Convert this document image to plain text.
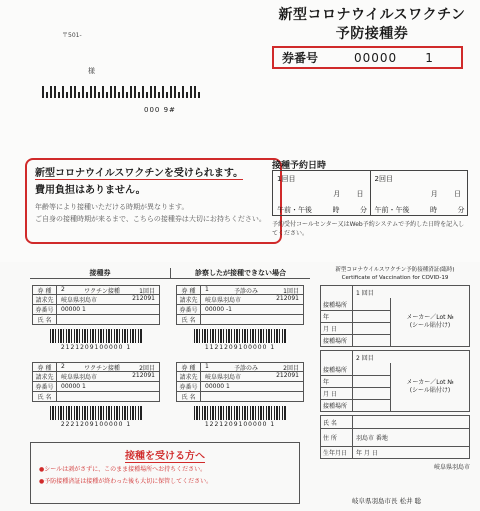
〒501-
様
000 9#
新型コロナウイルスワクチン
予防接種券
券番号	00000 1
新型コロナウイルスワクチンを受けられます。
費用負担はありません。
年齢等により接種いただける時期が異なります。
ご自身の接種時期が来るまで、こちらの接種券は大切にお持ちください。
接種予約日時
1回目
月 日
午前・午後	時	分
2回目
月 日
午前・午後	時	分
予約受付コールセンター又はWeb予約システムで予約した日時を記入してください。
接種券	診察したが接種できない場合
券 種	2	ワクチン接種	1回目
請求先	岐阜県羽島市	212091
券番号	00000 1
氏 名
2121209100000 1
券 種	1	予診のみ	1回目
請求先	岐阜県羽島市	212091
券番号	00000 -1
氏 名
1121209100000 1
券 種	2	ワクチン接種	2回目
請求先	岐阜県羽島市	212091
券番号	00000 1
氏 名
2221209100000 1
券 種	1	予診のみ	2回目
請求先	岐阜県羽島市	212091
券番号	00000 1
氏 名
1221209100000 1
新型コロナウイルスワクチン予防接種済証(臨時)
Certificate of Vaccination for COVID-19
1 回目
接種場所
年
月 日
接種場所
メーカー／Lot №
(シール貼付け)
2 回目
接種場所
年
月 日
接種場所
メーカー／Lot №
(シール貼付け)
氏 名
住 所	羽島市 番地
生年月日	年 月 日
岐阜県羽島市
接種を受ける方へ
●シールは剥がさずに、このまま接種場所へお持ちください。
●予防接種済証は接種が終わった後も大切に保管してください。
岐阜県羽島市長 松井 聡
